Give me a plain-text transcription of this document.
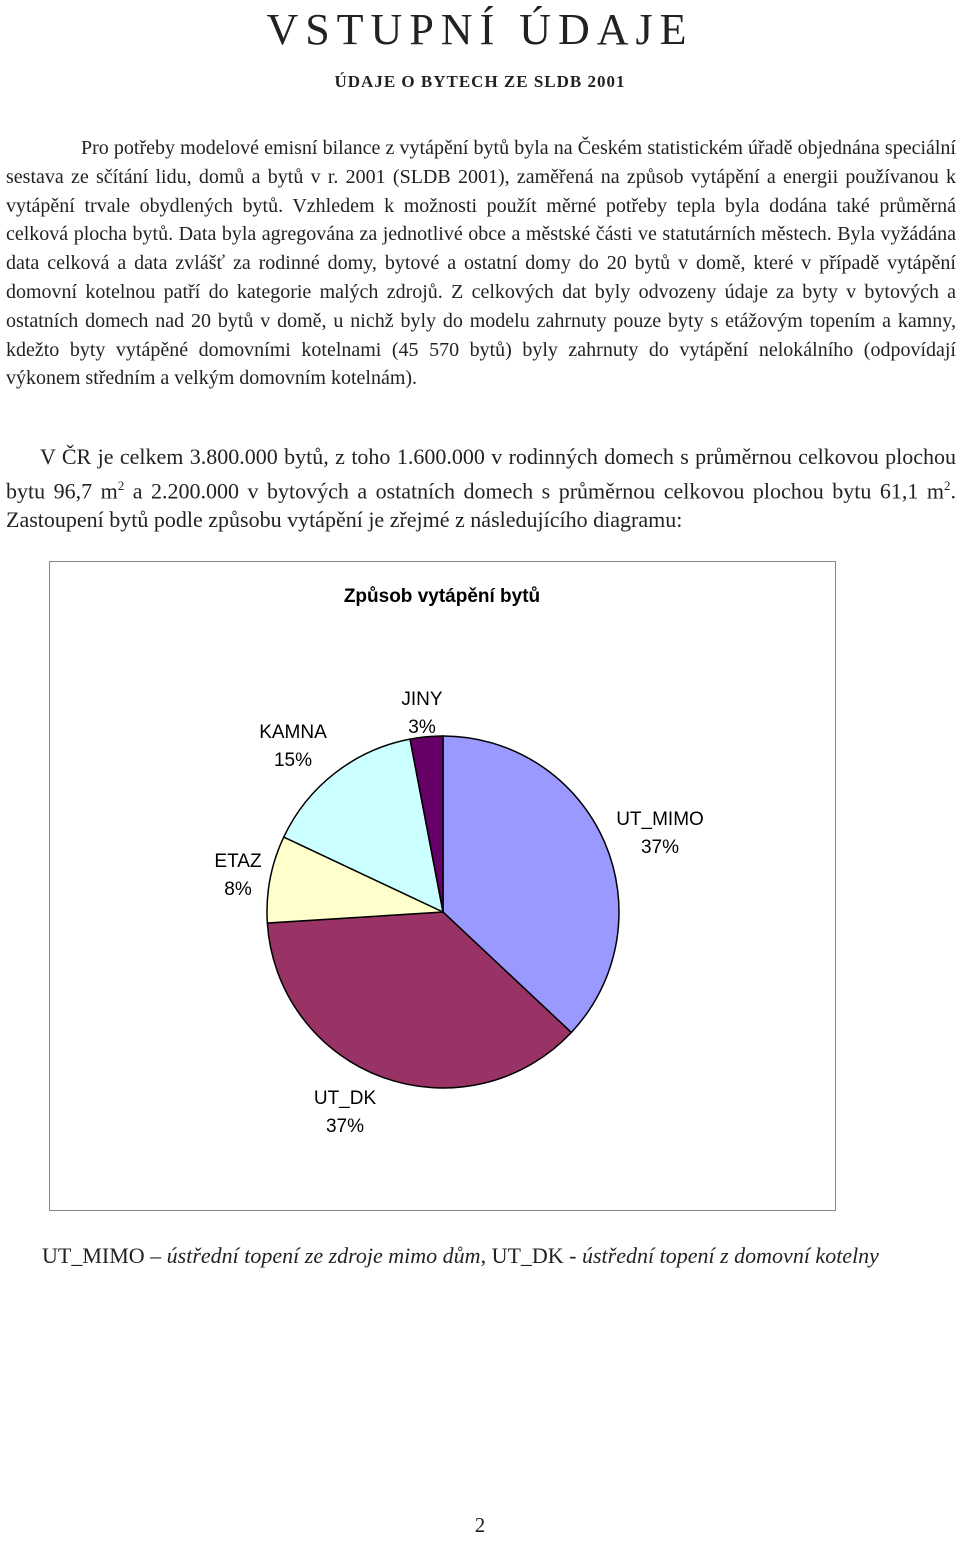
VSTUPNÍ ÚDAJE
ÚDAJE O BYTECH ZE SLDB 2001

Pro potřeby modelové emisní bilance z vytápění bytů byla na Českém statistickém úřadě objednána speciální sestava ze sčítání lidu, domů a bytů v r. 2001 (SLDB 2001), zaměřená na způsob vytápění a energii používanou k vytápění trvale obydlených bytů. Vzhledem k možnosti použít měrné potřeby tepla byla dodána také průměrná celková plocha bytů. Data byla agregována za jednotlivé obce a městské části ve statutárních městech. Byla vyžádána data celková a data zvlášť za rodinné domy, bytové a ostatní domy do 20 bytů v domě, které v případě vytápění domovní kotelnou patří do kategorie malých zdrojů. Z celkových dat byly odvozeny údaje za byty v bytových a ostatních domech nad 20 bytů v domě, u nichž byly do modelu zahrnuty pouze byty s etážovým topením a kamny, kdežto byty vytápěné domovními kotelnami (45 570 bytů) byly zahrnuty do vytápění nelokálního (odpovídají výkonem středním a velkým domovním kotelnám).

V ČR je celkem 3.800.000 bytů, z toho 1.600.000 v rodinných domech s průměrnou celkovou plochou bytu 96,7 $m^2$ a 2.200.000 v bytových a ostatních domech s průměrnou celkovou plochou bytu 61,1 $m^2$. Zastoupení bytů podle způsobu vytápění je zřejmé z následujícího diagramu:

Způsob vytápění bytů
UT_MIMO
37%
UT_DK
37%
ETAZ
8%
KAMNA
15%
JINY
3%

UT_MIMO – ústřední topení ze zdroje mimo dům, UT_DK - ústřední topení z domovní kotelny

2
